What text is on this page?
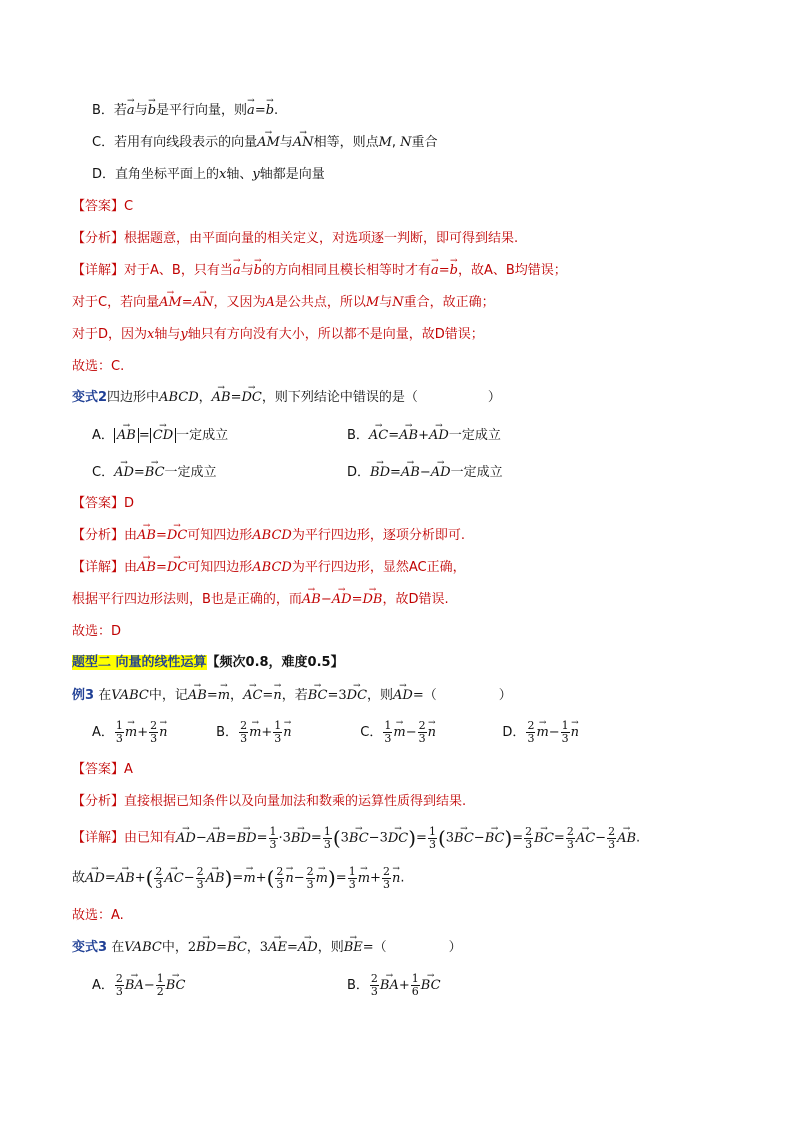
B．若→ a与→ b是平行向量，则→ a=→ b.
C．若用有向线段表示的向量→ AM与→ AN相等，则点M, N重合
D．直角坐标平面上的x轴、y轴都是向量
【答案】C
【分析】根据题意，由平面向量的相关定义，对选项逐一判断，即可得到结果.
【详解】对于A、B，只有当→ a与→ b的方向相同且模长相等时才有→ a=→ b，故A、B均错误；
对于C，若向量→ AM=→ AN，又因为A是公共点，所以M与N重合，故正确；
对于D，因为x轴与y轴只有方向没有大小，所以都不是向量，故D错误；
故选：C.
变式2四边形中ABCD，→ AB=→ DC，则下列结论中错误的是（	）
A．→ AB =→ CD 一定成立	B．→ AC=→ AB+→ AD一定成立
C．→ AD=→ BC一定成立	D．→ BD=→ AB−→ AD一定成立
【答案】D
【分析】由→ AB=→ DC可知四边形ABCD为平行四边形，逐项分析即可.
【详解】由→ AB=→ DC可知四边形ABCD为平行四边形，显然AC正确，
根据平行四边形法则，B也是正确的，而→ AB−→ AD=→ DB，故D错误.
故选：D
题型二 向量的线性运算【频次0.8，难度0.5】
例3 在VABC中，记→ AB=→ m，→ AC=→ n，若→ BC=3→ DC，则→ AD=（	）
A． $\frac{1}{3}$
→ $m+ \frac{2}{3}$
→ n	B． $\frac{2}{3}$
→ $m+ \frac{1}{3}$
→ n	C． $\frac{1}{3}$
→ $m- \frac{2}{3}$
→ n	D． $\frac{2}{3}$
→ $m- \frac{1}{3}$
→ n
【答案】A
【分析】直接根据已知条件以及向量加法和数乘的运算性质得到结果.
【详解】由已知有→ $AD-\to AB=\to BD= \frac{1}{3} \cdot 3\to BD= \frac{1}{3} (3\to BC-3\to DC)= \frac{1}{3} (3\to BC-\to BC)= \frac{2}{3}$
→ $BC= \frac{2}{3}$
→ $AC- \frac{2}{3}$
→ AB.
故→ $AD=\to AB+( \frac{2}{3}$
→ $AC- \frac{2}{3}$
→ $AB)=\to m+( \frac{2}{3}$
→ $n- \frac{2}{3}$
→ $m)= \frac{1}{3}$
→ $m+ \frac{2}{3}$
→ n.
故选：A.
变式3 在VABC中，2→ BD=→ BC，3→ AE=→ AD，则→ BE=（	）
A． $\frac{2}{3}$
→ $BA- \frac{1}{2}$
→ BC	B． $\frac{2}{3}$
→ $BA+ \frac{1}{6}$
→ BC
